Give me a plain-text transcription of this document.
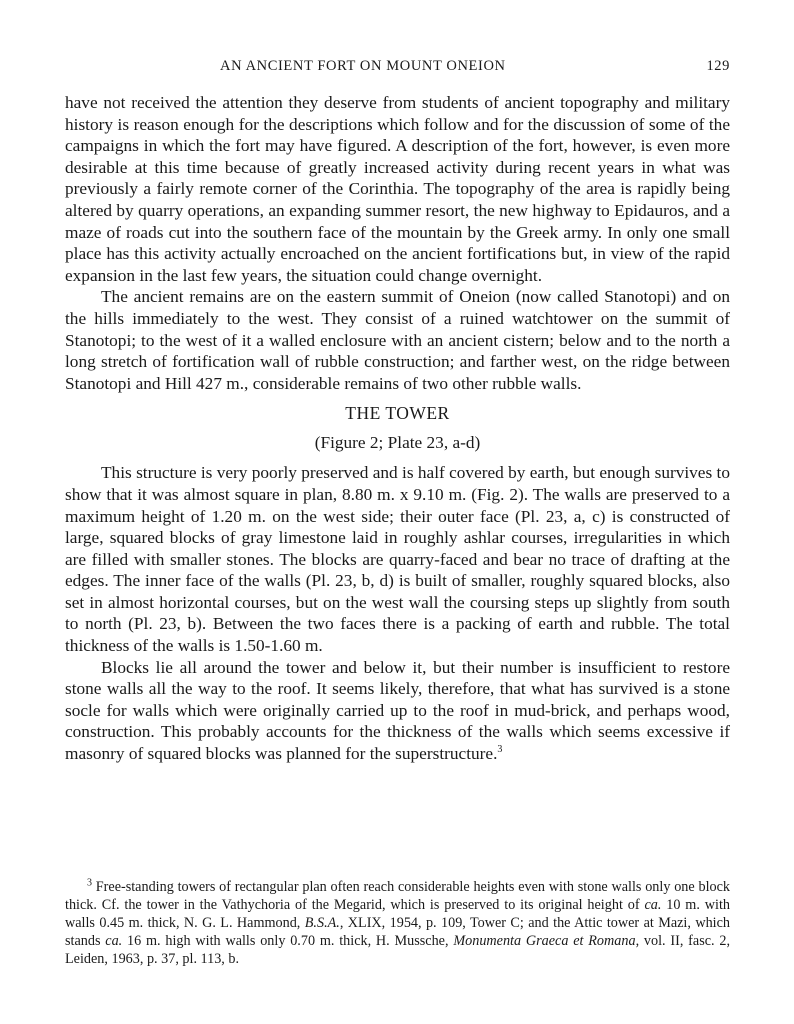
AN ANCIENT FORT ON MOUNT ONEION	129

have not received the attention they deserve from students of ancient topography and military history is reason enough for the descriptions which follow and for the discussion of some of the campaigns in which the fort may have figured. A description of the fort, however, is even more desirable at this time because of greatly increased activity during recent years in what was previously a fairly remote corner of the Corinthia. The topography of the area is rapidly being altered by quarry operations, an expanding summer resort, the new highway to Epidauros, and a maze of roads cut into the southern face of the mountain by the Greek army. In only one small place has this activity actually encroached on the ancient fortifications but, in view of the rapid expansion in the last few years, the situation could change overnight.

The ancient remains are on the eastern summit of Oneion (now called Stanotopi) and on the hills immediately to the west. They consist of a ruined watchtower on the summit of Stanotopi; to the west of it a walled enclosure with an ancient cistern; below and to the north a long stretch of fortification wall of rubble construction; and farther west, on the ridge between Stanotopi and Hill 427 m., considerable remains of two other rubble walls.

THE TOWER
(Figure 2; Plate 23, a-d)

This structure is very poorly preserved and is half covered by earth, but enough survives to show that it was almost square in plan, 8.80 m. x 9.10 m. (Fig. 2). The walls are preserved to a maximum height of 1.20 m. on the west side; their outer face (Pl. 23, a, c) is constructed of large, squared blocks of gray limestone laid in roughly ashlar courses, irregularities in which are filled with smaller stones. The blocks are quarry-faced and bear no trace of drafting at the edges. The inner face of the walls (Pl. 23, b, d) is built of smaller, roughly squared blocks, also set in almost horizontal courses, but on the west wall the coursing steps up slightly from south to north (Pl. 23, b). Between the two faces there is a packing of earth and rubble. The total thickness of the walls is 1.50-1.60 m.

Blocks lie all around the tower and below it, but their number is insufficient to restore stone walls all the way to the roof. It seems likely, therefore, that what has survived is a stone socle for walls which were originally carried up to the roof in mud-brick, and perhaps wood, construction. This probably accounts for the thickness of the walls which seems excessive if masonry of squared blocks was planned for the superstructure.$^3$

$^3$ Free-standing towers of rectangular plan often reach considerable heights even with stone walls only one block thick. Cf. the tower in the Vathychoria of the Megarid, which is preserved to its original height of ca. 10 m. with walls 0.45 m. thick, N. G. L. Hammond, B.S.A., XLIX, 1954, p. 109, Tower C; and the Attic tower at Mazi, which stands ca. 16 m. high with walls only 0.70 m. thick, H. Mussche, Monumenta Graeca et Romana, vol. II, fasc. 2, Leiden, 1963, p. 37, pl. 113, b.
